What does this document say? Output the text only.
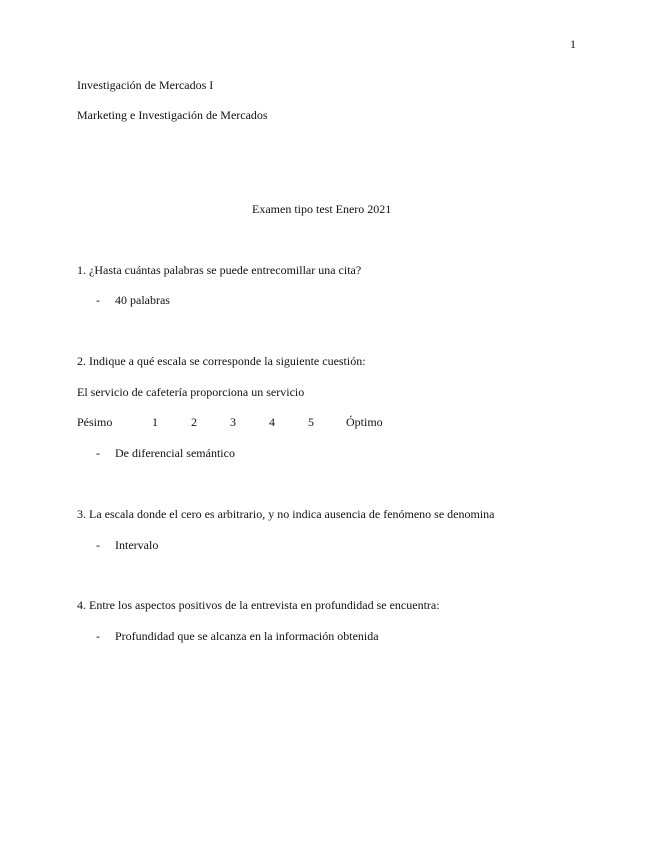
1
Investigación de Mercados I
Marketing e Investigación de Mercados
Examen tipo test Enero 2021
1. ¿Hasta cuántas palabras se puede entrecomillar una cita?
- 40 palabras
2. Indique a qué escala se corresponde la siguiente cuestión:
El servicio de cafetería proporciona un servicio
Pésimo	1	2	3	4	5	Óptimo
- De diferencial semántico
3. La escala donde el cero es arbitrario, y no indica ausencia de fenómeno se denomina
- Intervalo
4. Entre los aspectos positivos de la entrevista en profundidad se encuentra:
- Profundidad que se alcanza en la información obtenida
